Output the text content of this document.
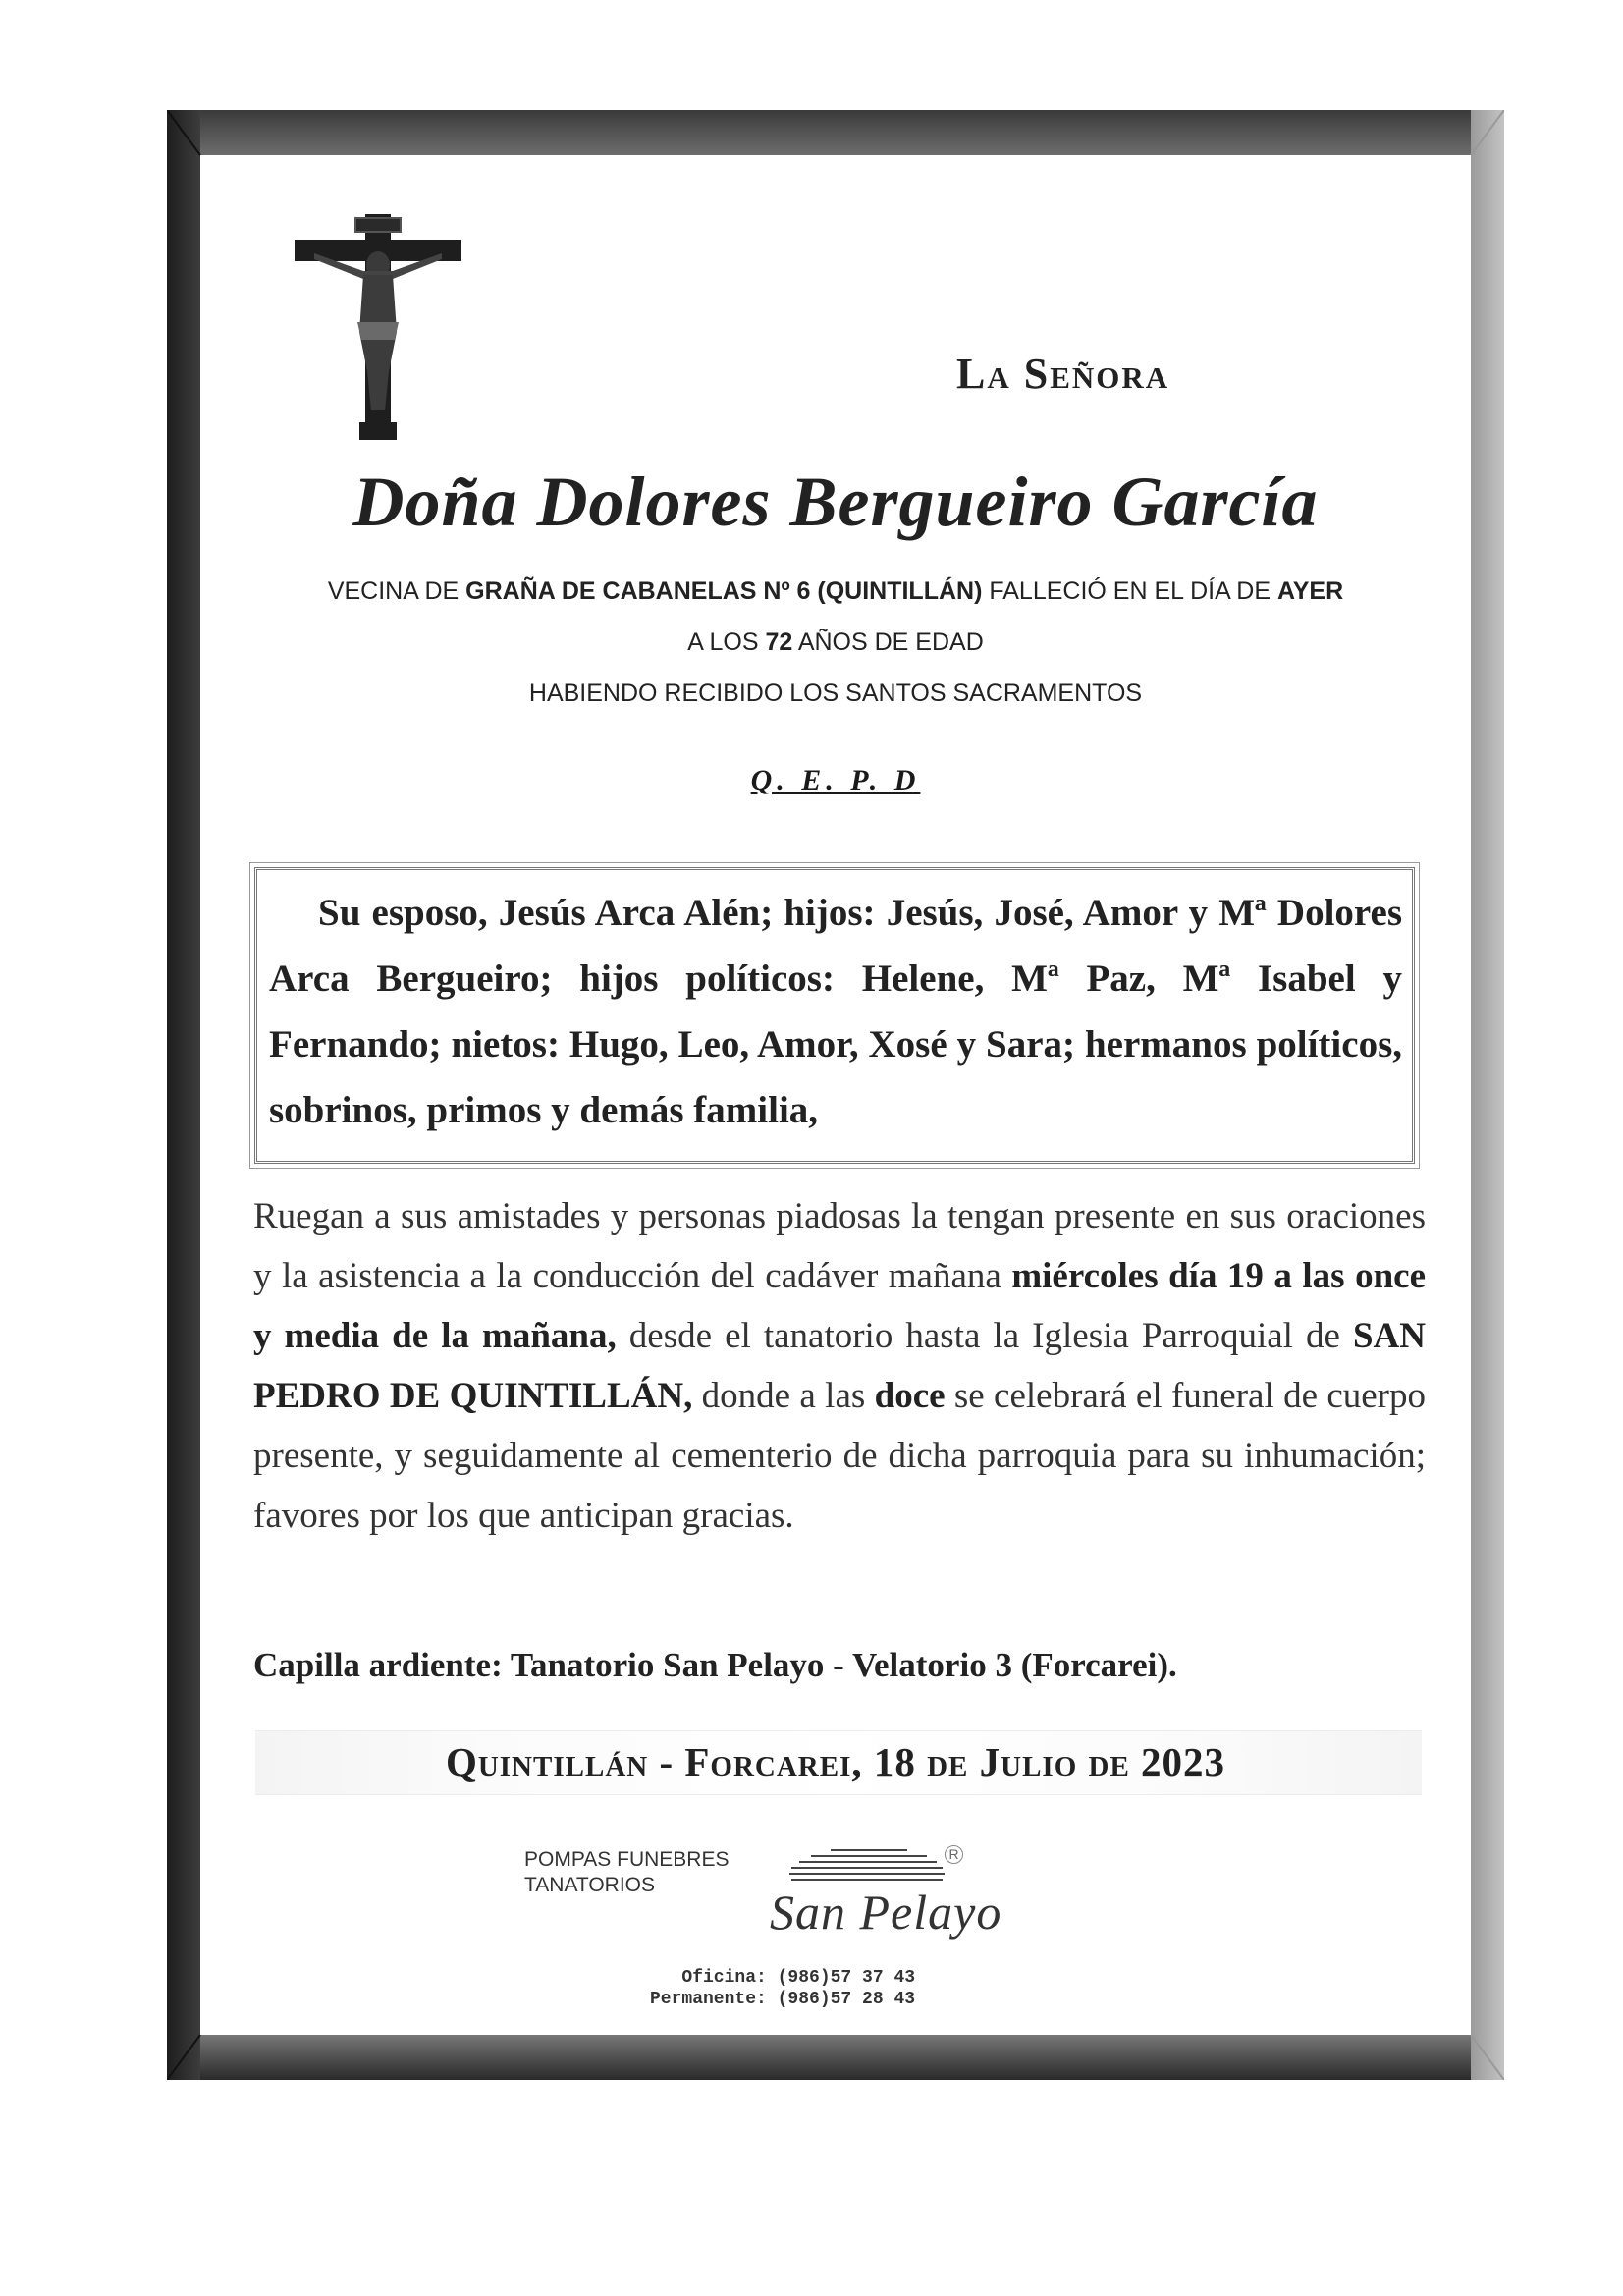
La Señora
Doña Dolores Bergueiro García
VECINA DE GRAÑA DE CABANELAS Nº 6 (QUINTILLÁN) FALLECIÓ EN EL DÍA DE AYER
A LOS 72 AÑOS DE EDAD
HABIENDO RECIBIDO LOS SANTOS SACRAMENTOS
Q. E. P. D

Su esposo, Jesús Arca Alén; hijos: Jesús, José, Amor y Mª Dolores Arca Bergueiro; hijos políticos: Helene, Mª Paz, Mª Isabel y Fernando; nietos: Hugo, Leo, Amor, Xosé y Sara; hermanos políticos, sobrinos, primos y demás familia,

Ruegan a sus amistades y personas piadosas la tengan presente en sus oraciones y la asistencia a la conducción del cadáver mañana miércoles día 19 a las once y media de la mañana, desde el tanatorio hasta la Iglesia Parroquial de SAN PEDRO DE QUINTILLÁN, donde a las doce se celebrará el funeral de cuerpo presente, y seguidamente al cementerio de dicha parroquia para su inhumación; favores por los que anticipan gracias.

Capilla ardiente: Tanatorio San Pelayo - Velatorio 3 (Forcarei).
Quintillán - Forcarei, 18 de Julio de 2023
POMPAS FUNEBRES
TANATORIOS	San Pelayo
R
Oficina: (986)57 37 43
Permanente: (986)57 28 43
